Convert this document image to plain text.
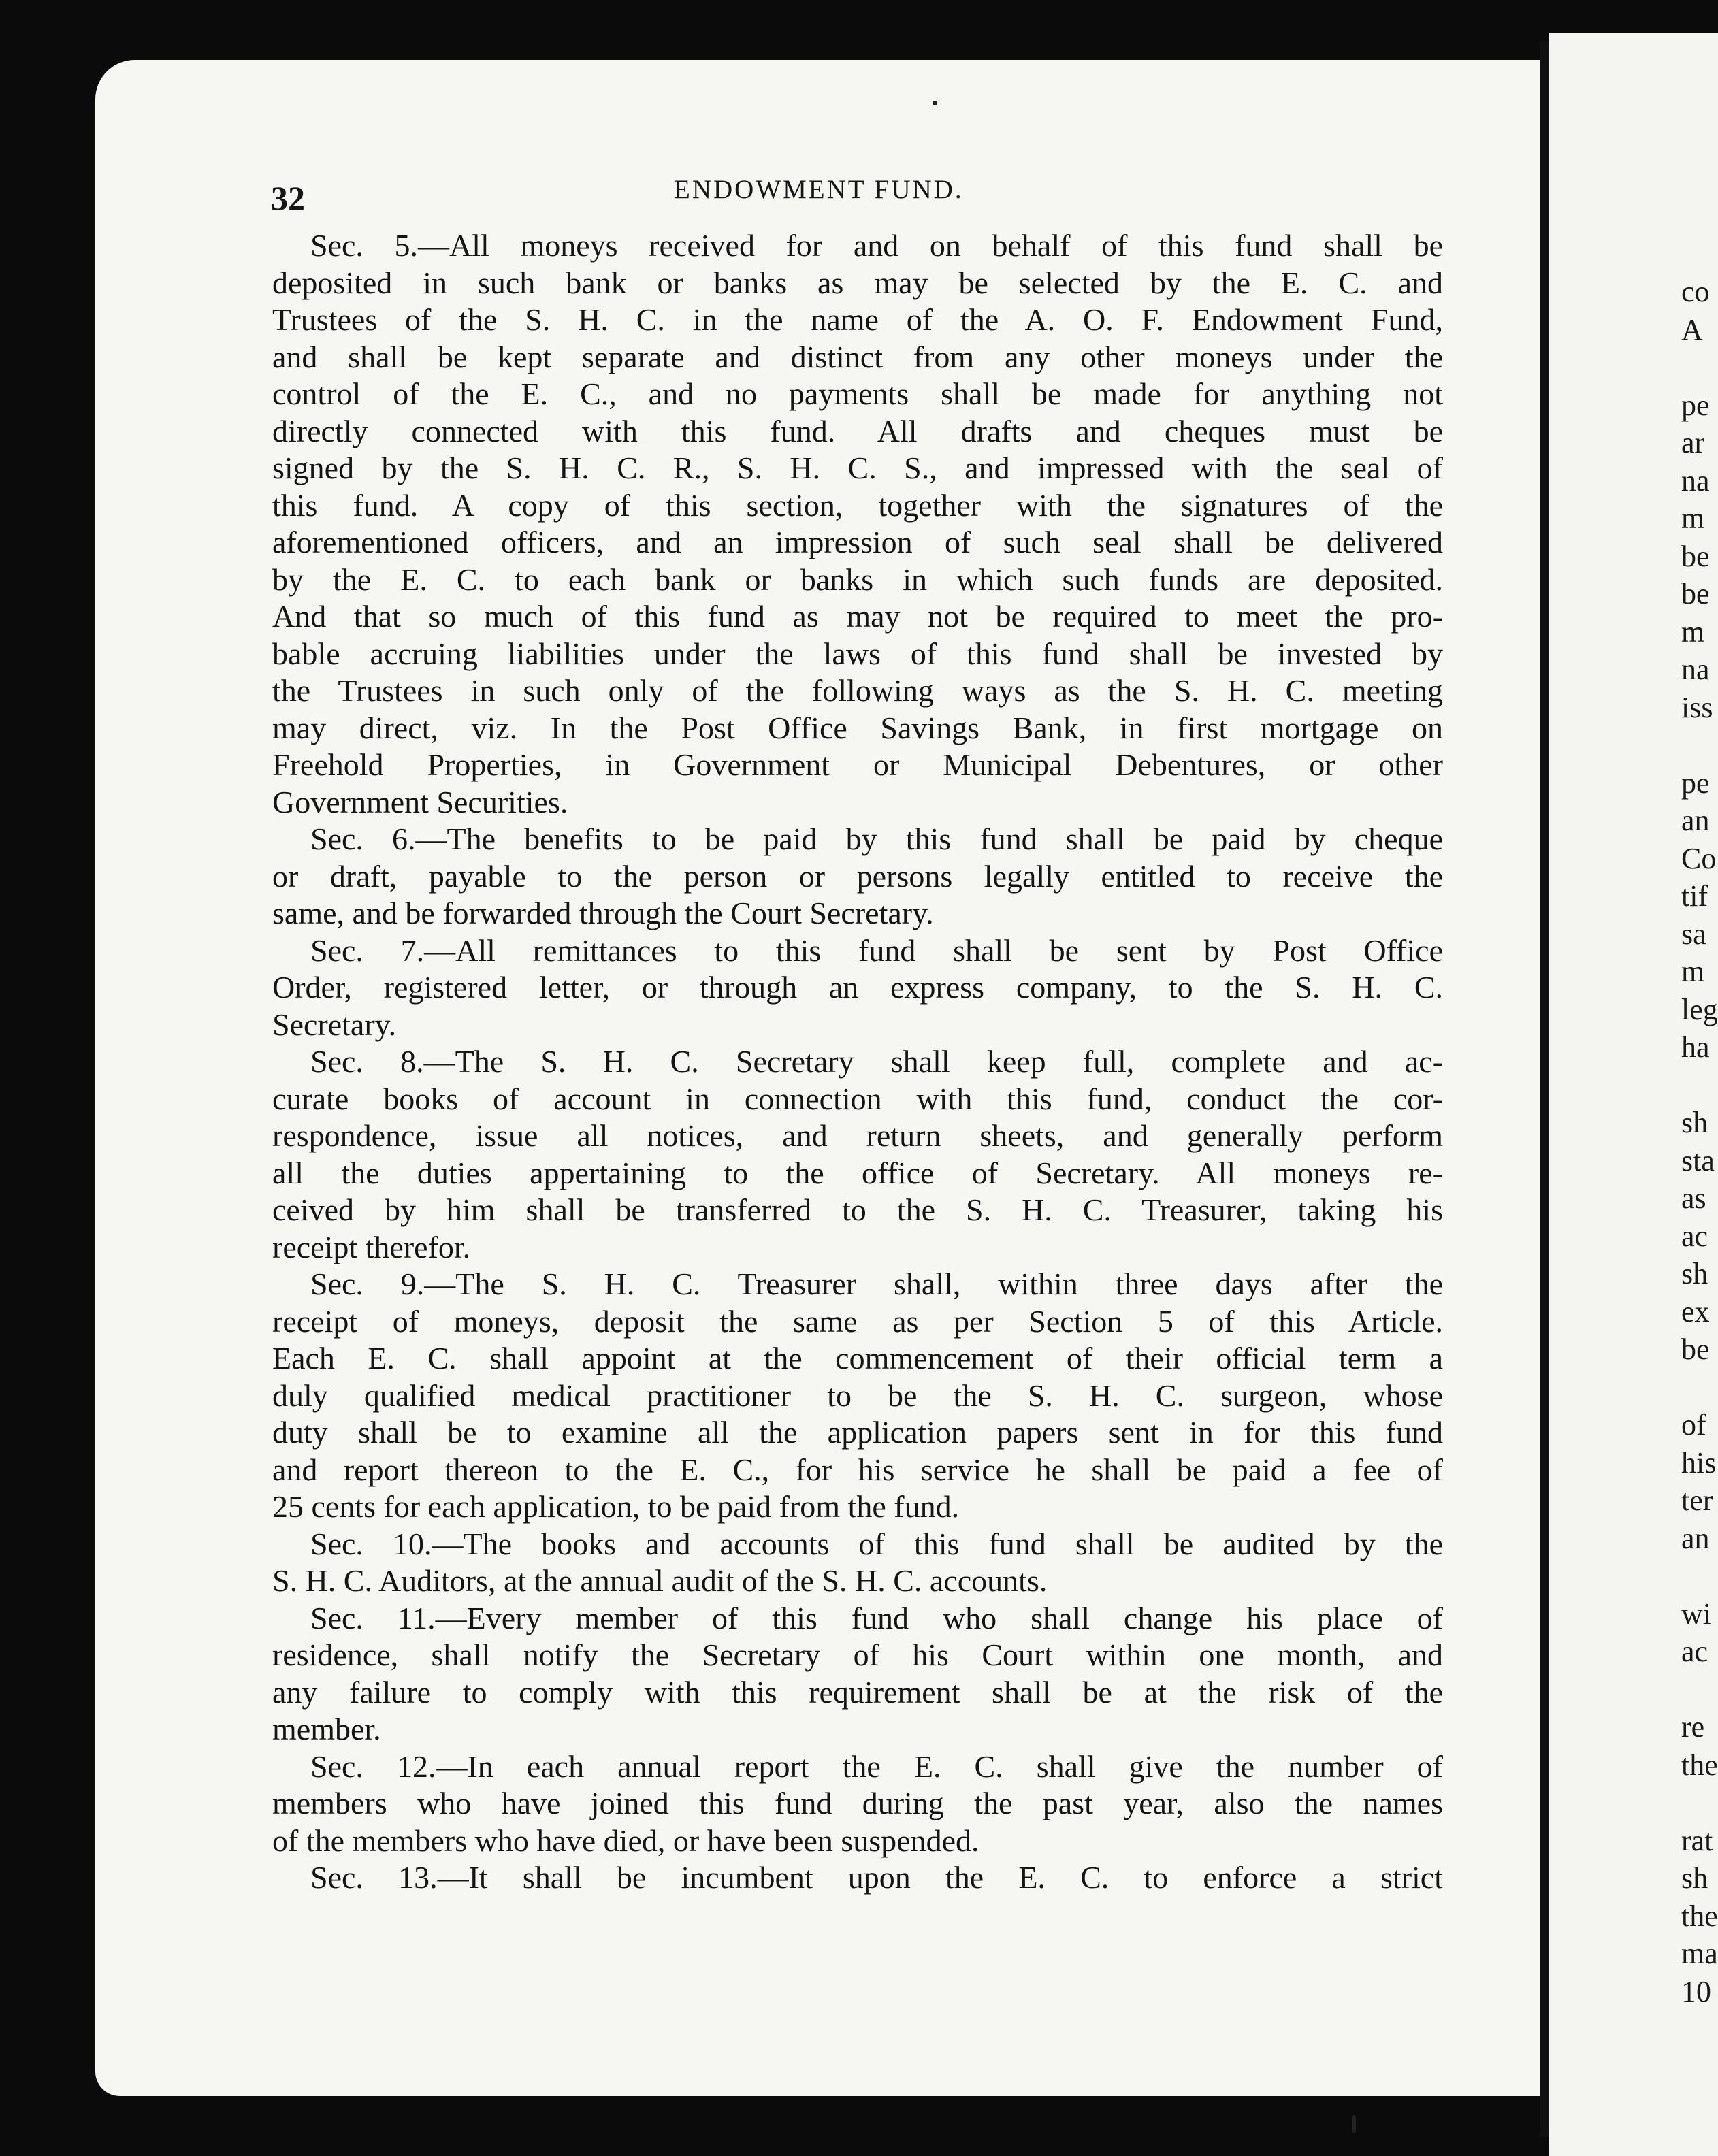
32	ENDOWMENT FUND.
Sec. 5.—All moneys received for and on behalf of this fund shall be
deposited in such bank or banks as may be selected by the E. C. and
Trustees of the S. H. C. in the name of the A. O. F. Endowment Fund,
and shall be kept separate and distinct from any other moneys under the
control of the E. C., and no payments shall be made for anything not
directly connected with this fund. All drafts and cheques must be
signed by the S. H. C. R., S. H. C. S., and impressed with the seal of
this fund. A copy of this section, together with the signatures of the
aforementioned officers, and an impression of such seal shall be delivered
by the E. C. to each bank or banks in which such funds are deposited.
And that so much of this fund as may not be required to meet the pro-
bable accruing liabilities under the laws of this fund shall be invested by
the Trustees in such only of the following ways as the S. H. C. meeting
may direct, viz. In the Post Office Savings Bank, in first mortgage on
Freehold Properties, in Government or Municipal Debentures, or other
Government Securities.
Sec. 6.—The benefits to be paid by this fund shall be paid by cheque
or draft, payable to the person or persons legally entitled to receive the
same, and be forwarded through the Court Secretary.
Sec. 7.—All remittances to this fund shall be sent by Post Office
Order, registered letter, or through an express company, to the S. H. C.
Secretary.
Sec. 8.—The S. H. C. Secretary shall keep full, complete and ac-
curate books of account in connection with this fund, conduct the cor-
respondence, issue all notices, and return sheets, and generally perform
all the duties appertaining to the office of Secretary. All moneys re-
ceived by him shall be transferred to the S. H. C. Treasurer, taking his
receipt therefor.
Sec. 9.—The S. H. C. Treasurer shall, within three days after the
receipt of moneys, deposit the same as per Section 5 of this Article.
Each E. C. shall appoint at the commencement of their official term a
duly qualified medical practitioner to be the S. H. C. surgeon, whose
duty shall be to examine all the application papers sent in for this fund
and report thereon to the E. C., for his service he shall be paid a fee of
25 cents for each application, to be paid from the fund.
Sec. 10.—The books and accounts of this fund shall be audited by the
S. H. C. Auditors, at the annual audit of the S. H. C. accounts.
Sec. 11.—Every member of this fund who shall change his place of
residence, shall notify the Secretary of his Court within one month, and
any failure to comply with this requirement shall be at the risk of the
member.
Sec. 12.—In each annual report the E. C. shall give the number of
members who have joined this fund during the past year, also the names
of the members who have died, or have been suspended.
Sec. 13.—It shall be incumbent upon the E. C. to enforce a strict
co
A
pe
ar
na
m
be
be
m
na
iss
pe
an
Co
tif
sa
m
leg
ha
sh
sta
as
ac
sh
ex
be
of
his
ter
an
wi
ac
re
the
rat
sh
the
ma
10
